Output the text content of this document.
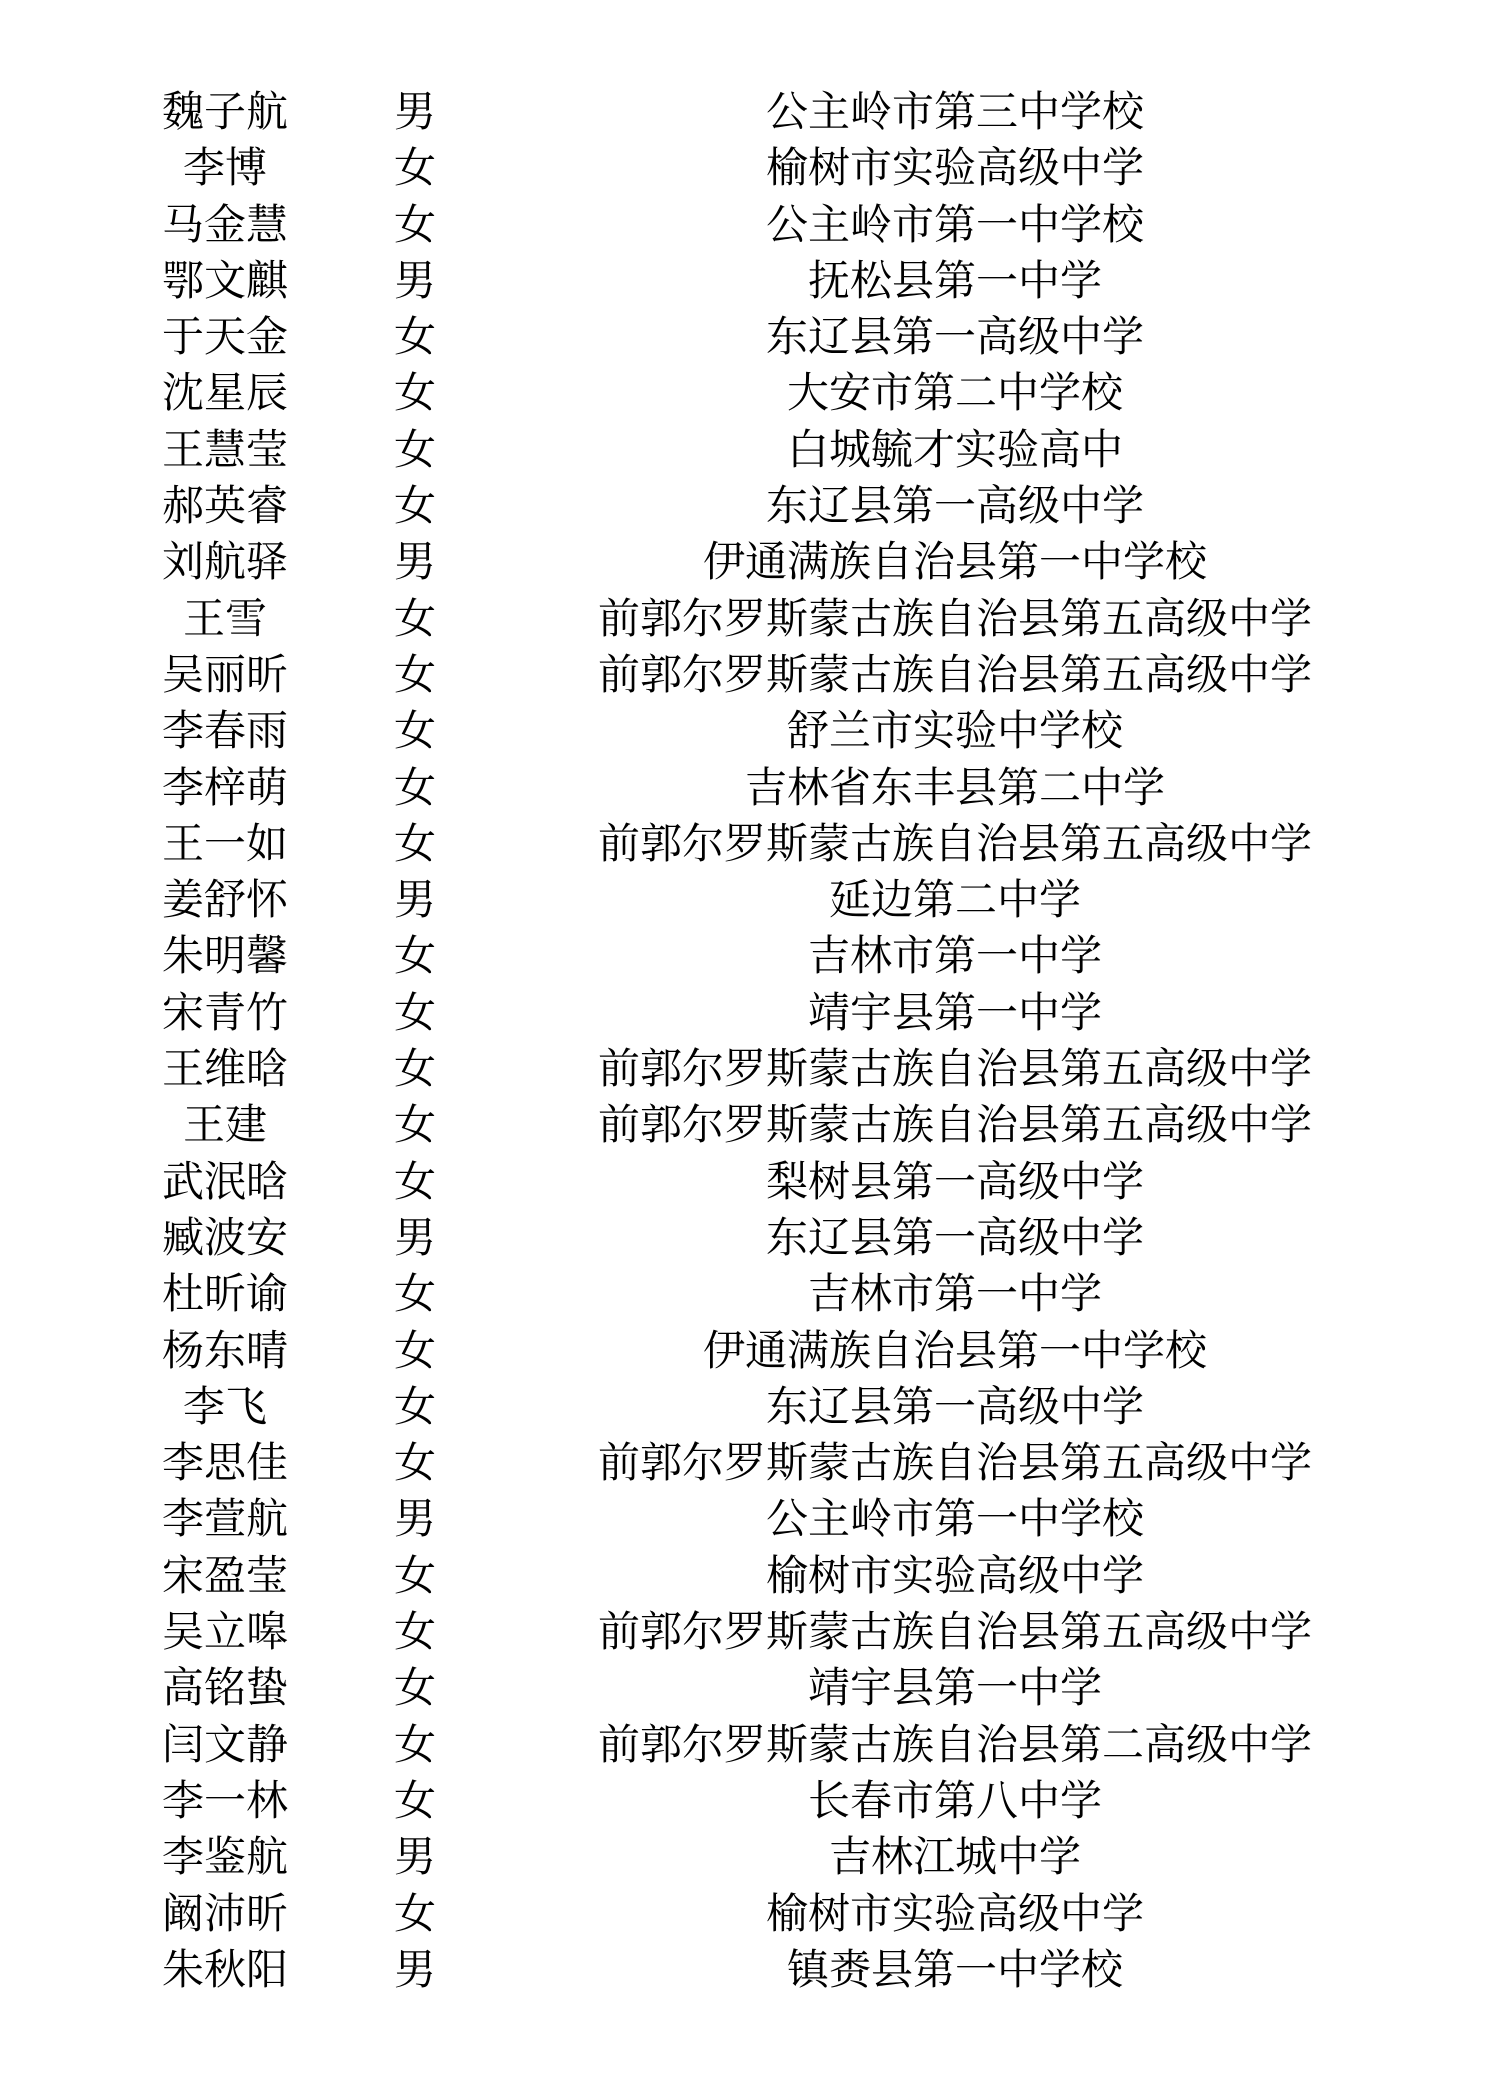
魏子航	男	公主岭市第三中学校
李博	女	榆树市实验高级中学
马金慧	女	公主岭市第一中学校
鄂文麒	男	抚松县第一中学
于天金	女	东辽县第一高级中学
沈星辰	女	大安市第二中学校
王慧莹	女	白城毓才实验高中
郝英睿	女	东辽县第一高级中学
刘航驿	男	伊通满族自治县第一中学校
王雪	女	前郭尔罗斯蒙古族自治县第五高级中学
吴丽昕	女	前郭尔罗斯蒙古族自治县第五高级中学
李春雨	女	舒兰市实验中学校
李梓萌	女	吉林省东丰县第二中学
王一如	女	前郭尔罗斯蒙古族自治县第五高级中学
姜舒怀	男	延边第二中学
朱明馨	女	吉林市第一中学
宋青竹	女	靖宇县第一中学
王维晗	女	前郭尔罗斯蒙古族自治县第五高级中学
王建	女	前郭尔罗斯蒙古族自治县第五高级中学
武泯晗	女	梨树县第一高级中学
臧波安	男	东辽县第一高级中学
杜昕谕	女	吉林市第一中学
杨东晴	女	伊通满族自治县第一中学校
李飞	女	东辽县第一高级中学
李思佳	女	前郭尔罗斯蒙古族自治县第五高级中学
李萱航	男	公主岭市第一中学校
宋盈莹	女	榆树市实验高级中学
吴立嗥	女	前郭尔罗斯蒙古族自治县第五高级中学
高铭蛰	女	靖宇县第一中学
闫文静	女	前郭尔罗斯蒙古族自治县第二高级中学
李一林	女	长春市第八中学
李鉴航	男	吉林江城中学
阚沛昕	女	榆树市实验高级中学
朱秋阳	男	镇赉县第一中学校
